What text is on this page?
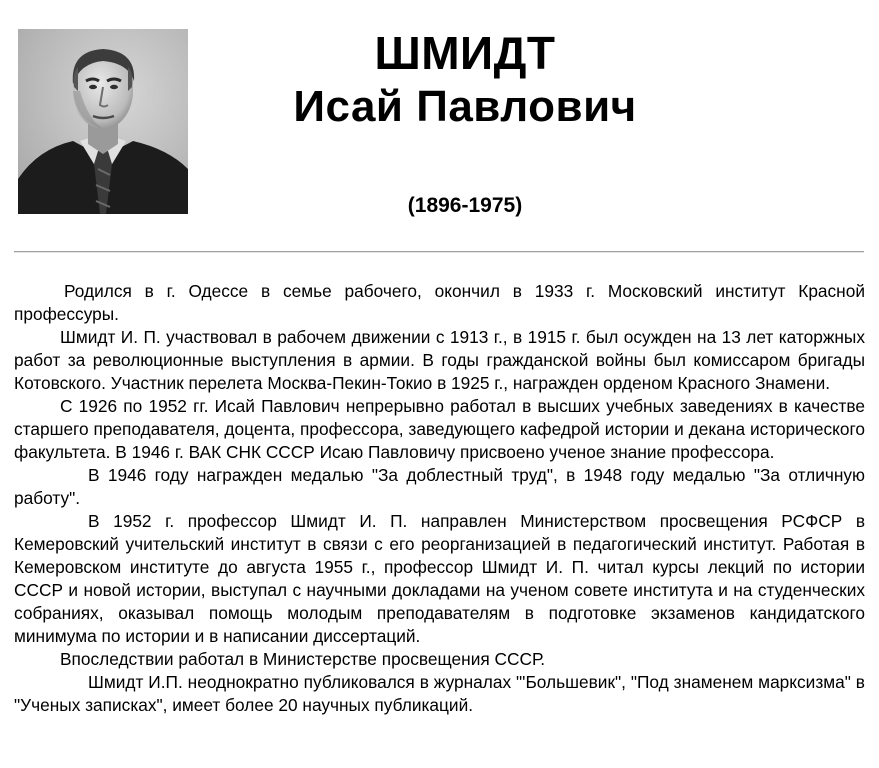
ШМИДТ

Исай Павлович

(1896-1975)

Родился в г. Одессе в семье рабочего, окончил в 1933 г. Московский институт Красной профессуры.

Шмидт И. П. участвовал в рабочем движении с 1913 г., в 1915 г. был осужден на 13 лет каторжных работ за революционные выступления в армии. В годы гражданской войны был комиссаром бригады Котовского. Участник перелета Москва-Пекин-Токио в 1925 г., награжден орденом Красного Знамени.

С 1926 по 1952 гг. Исай Павлович непрерывно работал в высших учебных заведениях в качестве старшего преподавателя, доцента, профессора, заведующего кафедрой истории и декана исторического факультета. В 1946 г. ВАК СНК СССР Исаю Павловичу присвоено ученое знание профессора.

В 1946 году награжден медалью "За доблестный труд", в 1948 году медалью "За отличную работу".

В 1952 г. профессор Шмидт И. П. направлен Министерством просвещения РСФСР в Кемеровский учительский институт в связи с его реорганизацией в педагогический институт. Работая в Кемеровском институте до августа 1955 г., профессор Шмидт И. П. читал курсы лекций по истории СССР и новой истории, выступал с научными докладами на ученом совете института и на студенческих собраниях, оказывал помощь молодым преподавателям в подготовке экзаменов кандидатского минимума по истории и в написании диссертаций.

Впоследствии работал в Министерстве просвещения СССР.

Шмидт И.П. неоднократно публиковался в журналах "'Большевик", "Под знаменем марксизма" в "Ученых записках", имеет более 20 научных публикаций.
